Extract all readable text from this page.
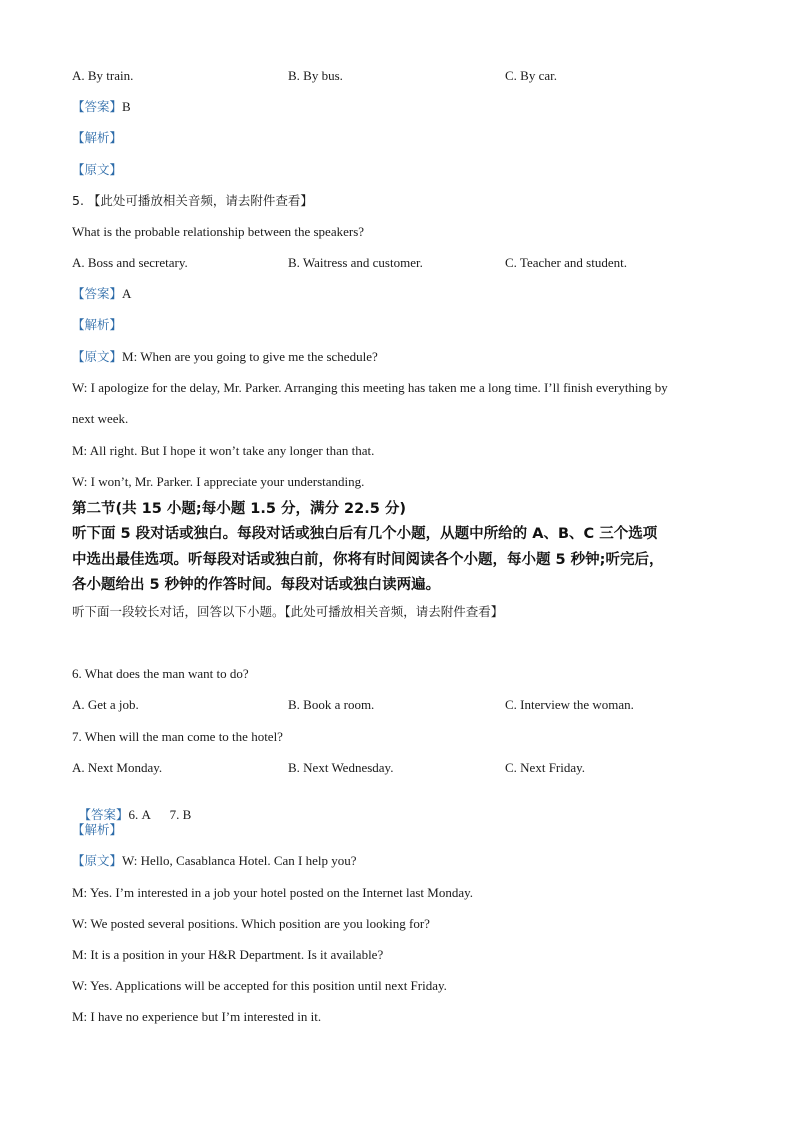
A. By train.	B. By bus.	C. By car.
【答案】B
【解析】
【原文】
5. 【此处可播放相关音频，请去附件查看】
What is the probable relationship between the speakers?
A. Boss and secretary.	B. Waitress and customer.	C. Teacher and student.
【答案】A
【解析】
【原文】M: When are you going to give me the schedule?
W: I apologize for the delay, Mr. Parker. Arranging this meeting has taken me a long time. I’ll finish everything by
next week.
M: All right. But I hope it won’t take any longer than that.
W: I won’t, Mr. Parker. I appreciate your understanding.
第二节(共 15 小题;每小题 1.5 分，满分 22.5 分)
听下面 5 段对话或独白。每段对话或独白后有几个小题，从题中所给的 A、B、C 三个选项
中选出最佳选项。听每段对话或独白前，你将有时间阅读各个小题，每小题 5 秒钟;听完后，
各小题给出 5 秒钟的作答时间。每段对话或独白读两遍。
听下面一段较长对话，回答以下小题。【此处可播放相关音频，请去附件查看】
6. What does the man want to do?
A. Get a job.	B. Book a room.	C. Interview the woman.
7. When will the man come to the hotel?
A. Next Monday.	B. Next Wednesday.	C. Next Friday.

【答案】6. A      7. B

【解析】
【原文】W: Hello, Casablanca Hotel. Can I help you?
M: Yes. I’m interested in a job your hotel posted on the Internet last Monday.
W: We posted several positions. Which position are you looking for?
M: It is a position in your H&R Department. Is it available?
W: Yes. Applications will be accepted for this position until next Friday.
M: I have no experience but I’m interested in it.
